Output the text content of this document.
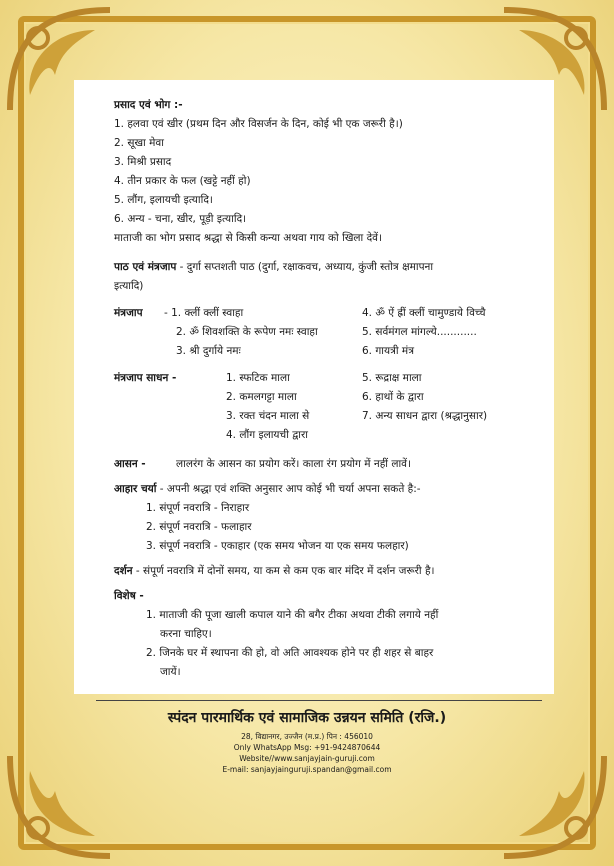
प्रसाद एवं भोग :-
1. हलवा एवं खीर (प्रथम दिन और विसर्जन के दिन, कोई भी एक जरूरी है।)
2. सूखा मेवा
3. मिश्री प्रसाद
4. तीन प्रकार के फल (खट्टे नहीं हो)
5. लौंग, इलायची इत्यादि।
6. अन्य - चना, खीर, पूड़ी इत्यादि।
माताजी का भोग प्रसाद श्रद्धा से किसी कन्या अथवा गाय को खिला देवें।
पाठ एवं मंत्रजाप - दुर्गा सप्तशती पाठ (दुर्गा, रक्षाकवच, अध्याय, कुंजी स्तोत्र क्षमापना
इत्यादि)
मंत्रजाप - 1. क्लीं क्लीं स्वाहा	4. ॐ ऐं ह्रीं क्लीं चामुण्डाये विच्चै
2. ॐ शिवशक्ति के रूपेण नमः स्वाहा	5. सर्वमंगल मांगल्ये............
3. श्री दुर्गाये नमः	6. गायत्री मंत्र
मंत्रजाप साधन -	1. स्फटिक माला	5. रूद्राक्ष माला
2. कमलगट्टा माला	6. हाथों के द्वारा
3. रक्त चंदन माला से	7. अन्य साधन द्वारा (श्रद्धानुसार)
4. लौंग इलायची द्वारा
आसन -	लालरंग के आसन का प्रयोग करें। काला रंग प्रयोग में नहीं लावें।
आहार चर्या - अपनी श्रद्धा एवं शक्ति अनुसार आप कोई भी चर्या अपना सकते है:-
1. संपूर्ण नवरात्रि - निराहार
2. संपूर्ण नवरात्रि - फलाहार
3. संपूर्ण नवरात्रि - एकाहार (एक समय भोजन या एक समय फलहार)
दर्शन - संपूर्ण नवरात्रि में दोनों समय, या कम से कम एक बार मंदिर में दर्शन जरूरी है।
विशेष -
1. माताजी की पूजा खाली कपाल याने की बगैर टीका अथवा टीकी लगाये नहीं
करना चाहिए।
2. जिनके घर में स्थापना की हो, वो अति आवश्यक होने पर ही शहर से बाहर
जायें।
स्पंदन पारमार्थिक एवं सामाजिक उन्नयन समिति (रजि.)
28, विद्यानगर, उज्जैन (म.प्र.) पिन : 456010
Only WhatsApp Msg: +91-9424870644
Website//www.sanjayjain-guruji.com
E-mail: sanjayjainguruji.spandan@gmail.com
